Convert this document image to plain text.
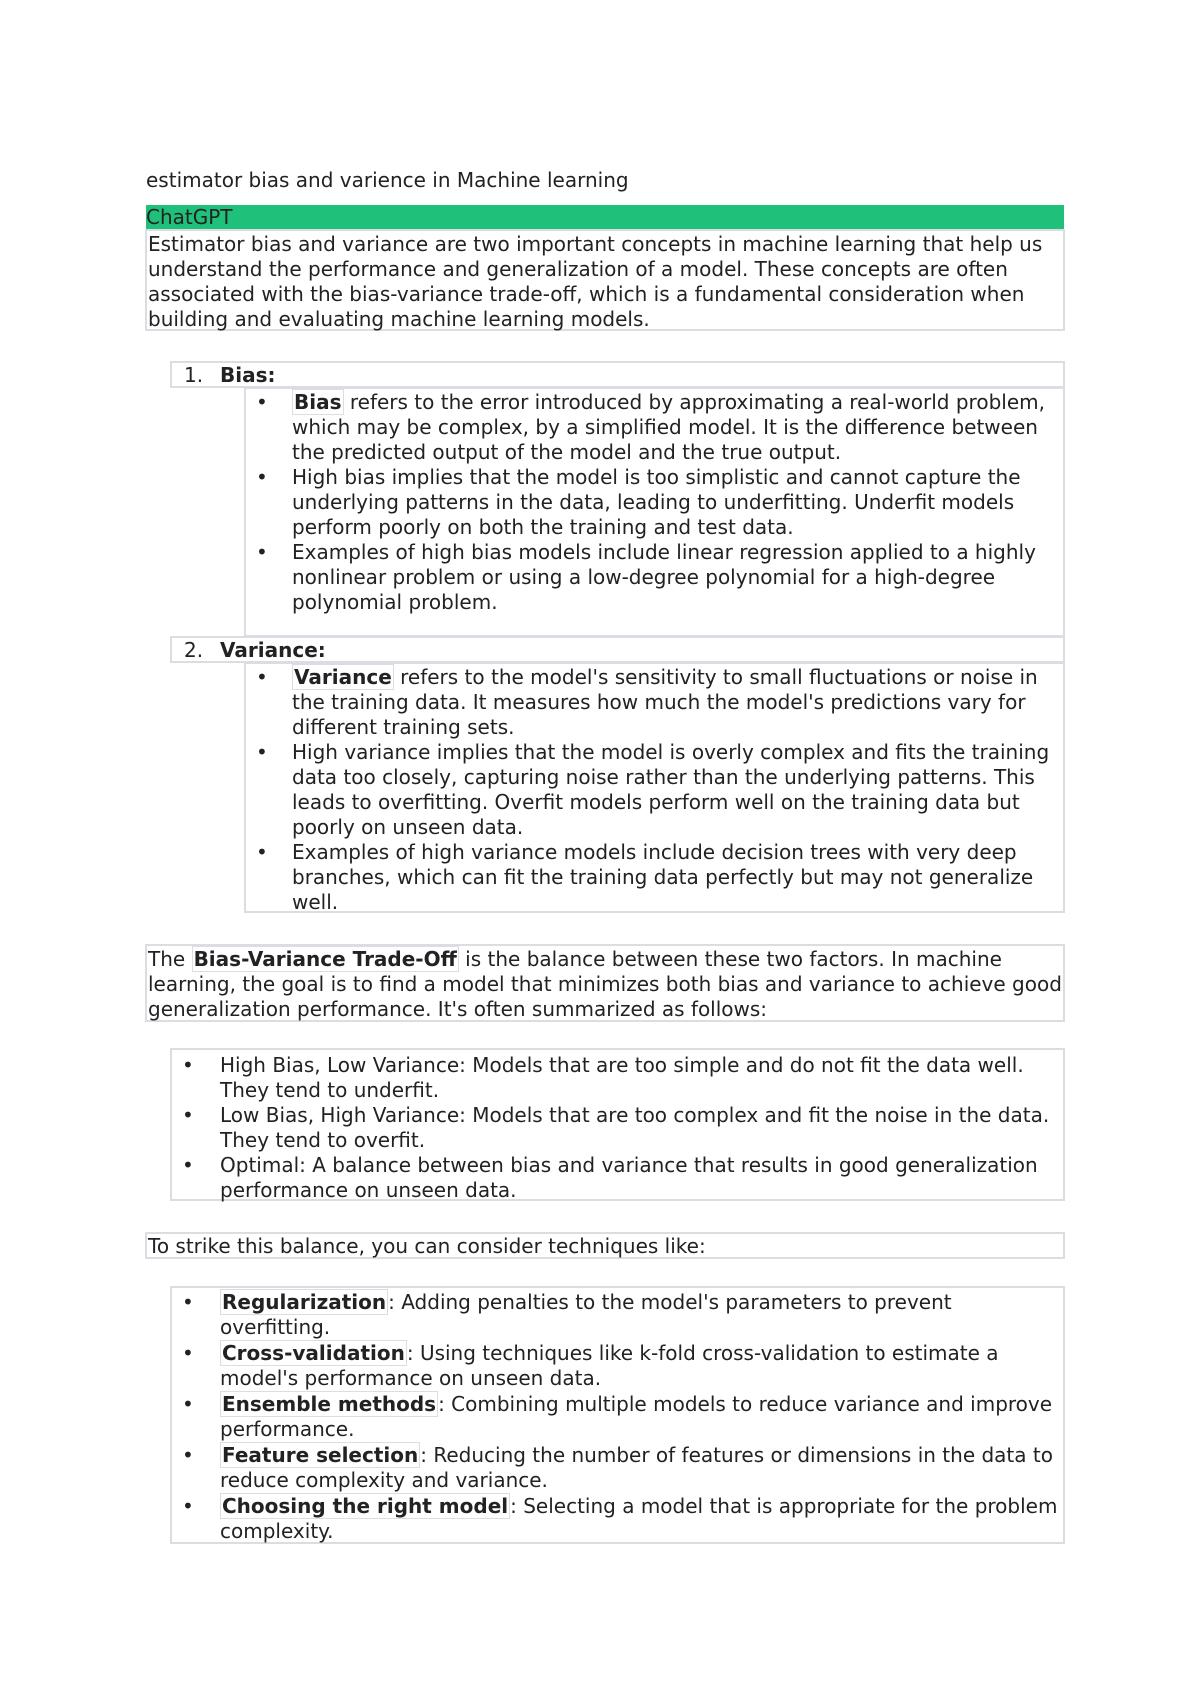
estimator bias and varience in Machine learning
ChatGPT
Estimator bias and variance are two important concepts in machine learning that help us understand the performance and generalization of a model. These concepts are often associated with the bias-variance trade-off, which is a fundamental consideration when building and evaluating machine learning models.
1. Bias:
• Bias refers to the error introduced by approximating a real-world problem, which may be complex, by a simplified model. It is the difference between the predicted output of the model and the true output.
• High bias implies that the model is too simplistic and cannot capture the underlying patterns in the data, leading to underfitting. Underfit models perform poorly on both the training and test data.
• Examples of high bias models include linear regression applied to a highly nonlinear problem or using a low-degree polynomial for a high-degree polynomial problem.
2. Variance:
• Variance refers to the model's sensitivity to small fluctuations or noise in the training data. It measures how much the model's predictions vary for different training sets.
• High variance implies that the model is overly complex and fits the training data too closely, capturing noise rather than the underlying patterns. This leads to overfitting. Overfit models perform well on the training data but poorly on unseen data.
• Examples of high variance models include decision trees with very deep branches, which can fit the training data perfectly but may not generalize well.
The Bias-Variance Trade-Off is the balance between these two factors. In machine learning, the goal is to find a model that minimizes both bias and variance to achieve good generalization performance. It's often summarized as follows:
• High Bias, Low Variance: Models that are too simple and do not fit the data well. They tend to underfit.
• Low Bias, High Variance: Models that are too complex and fit the noise in the data. They tend to overfit.
• Optimal: A balance between bias and variance that results in good generalization performance on unseen data.
To strike this balance, you can consider techniques like:
• Regularization : Adding penalties to the model's parameters to prevent overfitting.
• Cross-validation : Using techniques like k-fold cross-validation to estimate a model's performance on unseen data.
• Ensemble methods : Combining multiple models to reduce variance and improve performance.
• Feature selection : Reducing the number of features or dimensions in the data to reduce complexity and variance.
• Choosing the right model : Selecting a model that is appropriate for the problem complexity.
